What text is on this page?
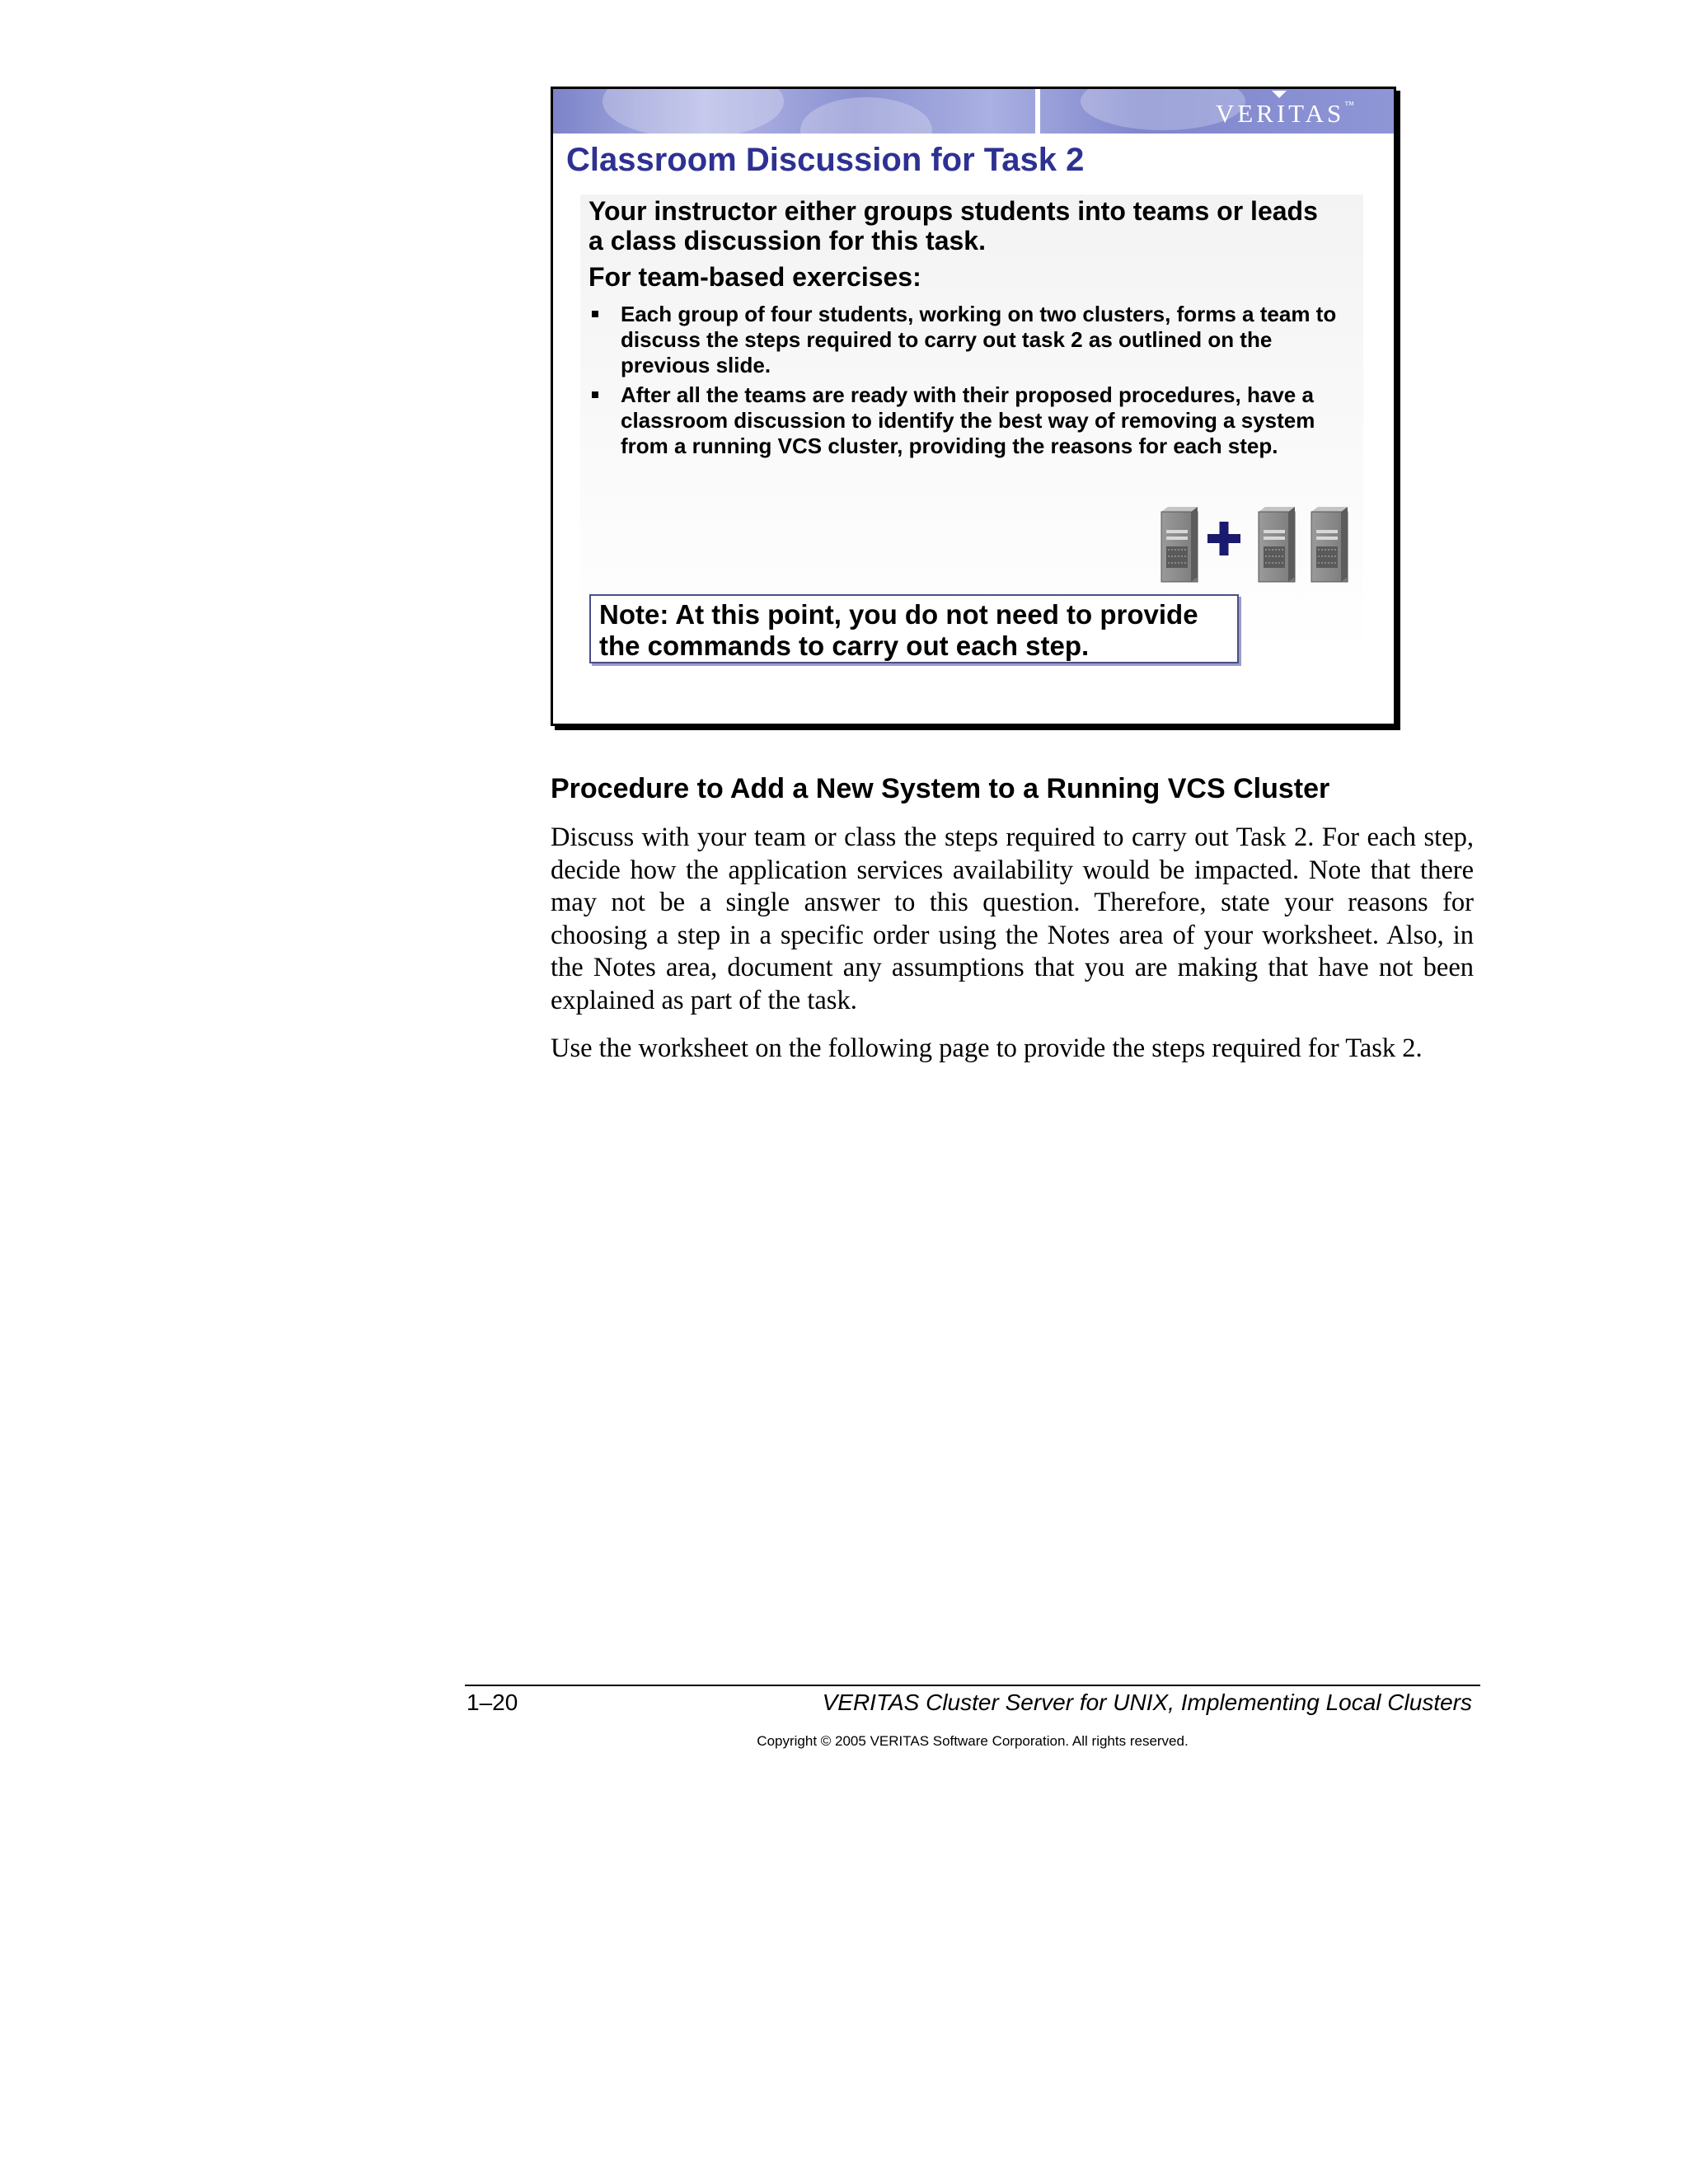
VERITAS™
Classroom Discussion for Task 2

Your instructor either groups students into teams or leads a class discussion for this task.

For team-based exercises:

Each group of four students, working on two clusters, forms a team to discuss the steps required to carry out task 2 as outlined on the previous slide.
After all the teams are ready with their proposed procedures, have a classroom discussion to identify the best way of removing a system from a running VCS cluster, providing the reasons for each step.

Note: At this point, you do not need to provide the commands to carry out each step.

Procedure to Add a New System to a Running VCS Cluster

Discuss with your team or class the steps required to carry out Task 2. For each step, decide how the application services availability would be impacted. Note that there may not be a single answer to this question. Therefore, state your reasons for choosing a step in a specific order using the Notes area of your worksheet. Also, in the Notes area, document any assumptions that you are making that have not been explained as part of the task.

Use the worksheet on the following page to provide the steps required for Task 2.

1–20	VERITAS Cluster Server for UNIX, Implementing Local Clusters
Copyright © 2005 VERITAS Software Corporation. All rights reserved.
